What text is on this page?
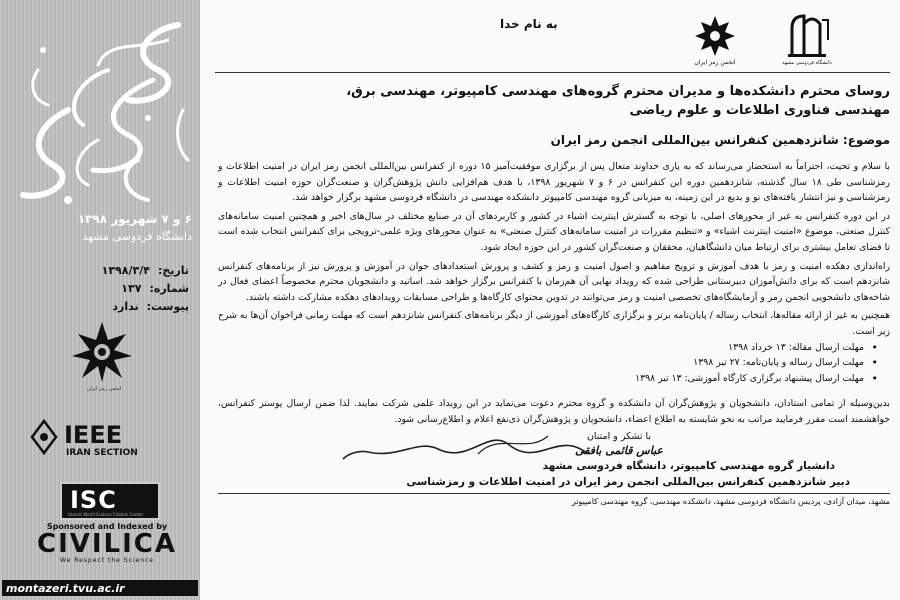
۶ و ۷ شهریور ۱۳۹۸
دانشگاه فردوسی مشهد
تاریخ:
۱۳۹۸/۳/۴
شماره:
۱۳۷
پیوست:
ندارد
انجمن رمز ایران
IEEE
IRAN SECTION
ISC
Islamic World Science Citation Center
Sponsored and Indexed by
CIVILICA
We Respect the Science
montazeri.tvu.ac.ir
دانشگاه فردوسی مشهد
انجمن رمز ایران
به نام خدا
روسای محترم دانشکده‌ها و مدیران محترم گروه‌های مهندسی کامپیوتر، مهندسی برق،
مهندسی فناوری اطلاعات و علوم ریاضی
موضوع: شانزدهمین کنفرانس بین‌المللی انجمن رمز ایران
با سلام و تحیت، احتراماً به استحضار می‌رساند که به یاری خداوند متعال پس از برگزاری موفقیت‌آمیز ۱۵ دوره از کنفرانس بین‌المللی انجمن رمز ایران در امنیت اطلاعات و رمزشناسی طی ۱۸ سال گذشته، شانزدهمین دوره این کنفرانس در ۶ و ۷ شهریور ۱۳۹۸، با هدف هم‌افزایی دانش پژوهش‌گران و صنعت‌گران حوزه امنیت اطلاعات و رمزشناسی و نیز انتشار یافته‌های نو و بدیع در این زمینه، به میزبانی گروه مهندسی کامپیوتر دانشکده مهندسی در دانشگاه فردوسی مشهد برگزار خواهد شد.
در این دوره کنفرانس به غیر از محورهای اصلی، با توجه به گسترش اینترنت اشیاء در کشور و کاربردهای آن در صنایع مختلف در سال‌های اخیر و همچنین امنیت سامانه‌های کنترل صنعتی، موضوع «امنیت اینترنت اشیاء» و «تنظیم مقررات در امنیت سامانه‌های کنترل صنعتی» به عنوان محورهای ویژه علمی-ترویجی برای کنفرانس انتخاب شده است تا فضای تعامل بیشتری برای ارتباط میان دانشگاهیان، محققان و صنعت‌گران کشور در این حوزه ایجاد شود.
راه‌اندازی دهکده امنیت و رمز با هدف آموزش و ترویج مفاهیم و اصول امنیت و رمز و کشف و پرورش استعدادهای جوان در آموزش و پرورش نیز از برنامه‌های کنفرانس شانزدهم است که برای دانش‌آموزان دبیرستانی طراحی شده که رویداد نهایی آن هم‌زمان با کنفرانس برگزار خواهد شد. اساتید و دانشجویان محترم مخصوصاً اعضای فعال در شاخه‌های دانشجویی انجمن رمز و آزمایشگاه‌های تخصصی امنیت و رمز می‌توانند در تدوین محتوای کارگاه‌ها و طراحی مسابقات رویدادهای دهکده مشارکت داشته باشند.
همچنین به غیر از ارائه مقاله‌ها، انتخاب رساله / پایان‌نامه برتر و برگزاری کارگاه‌های آموزشی از دیگر برنامه‌های کنفرانس شانزدهم است که مهلت زمانی فراخوان آن‌ها به شرح زیر است.
• مهلت ارسال مقاله: ۱۳ خرداد ۱۳۹۸
• مهلت ارسال رساله و پایان‌نامه: ۲۷ تیر ۱۳۹۸
• مهلت ارسال پیشنهاد برگزاری کارگاه آموزشی: ۱۳ تیر ۱۳۹۸
بدین‌وسیله از تمامی استادان، دانشجویان و پژوهش‌گران آن دانشکده و گروه محترم دعوت می‌نماید در این رویداد علمی شرکت نمایند. لذا ضمن ارسال پوستر کنفرانس، خواهشمند است مقرر فرمایید مراتب به نحو شایسته به اطلاع اعضاء، دانشجویان و پژوهش‌گران ذی‌نفع اعلام و اطلاع‌رسانی شود.
با تشکر و امتنان
عباس قائمی بافقی
دانشیار گروه مهندسی کامپیوتر، دانشگاه فردوسی مشهد
دبیر شانزدهمین کنفرانس بین‌المللی انجمن رمز ایران در امنیت اطلاعات و رمزشناسی
مشهد، میدان آزادی، پردیس دانشگاه فردوسی مشهد، دانشکده مهندسی، گروه مهندسی کامپیوتر
